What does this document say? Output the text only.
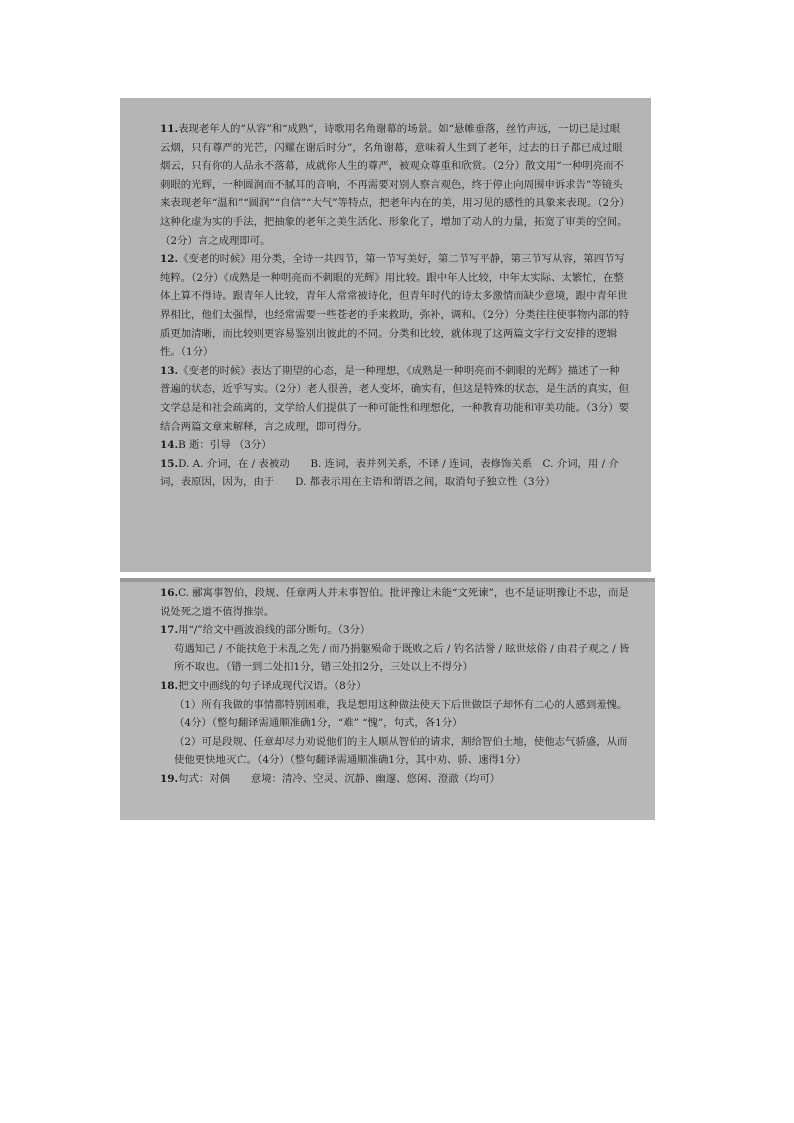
11.表现老年人的“从容”和“成熟”，诗歌用名角谢幕的场景。如“悬帷垂落，丝竹声远，一切已是过眼云烟，只有尊严的光芒，闪耀在谢后时分”，名角谢幕，意味着人生到了老年，过去的日子都已成过眼烟云，只有你的人品永不落幕，成就你人生的尊严，被观众尊重和欣赏。（2分）散文用“一种明亮而不刺眼的光辉，一种圆润而不腻耳的音响，不再需要对别人察言观色，终于停止向周围申诉求告”等镜头来表现老年“温和”“圆润”“自信”“大气”等特点，把老年内在的美，用习见的感性的具象来表现。（2分）这种化虚为实的手法，把抽象的老年之美生活化、形象化了，增加了动人的力量，拓宽了审美的空间。（2分）言之成理即可。

12.《变老的时候》用分类，全诗一共四节，第一节写美好，第二节写平静，第三节写从容，第四节写纯粹。（2分）《成熟是一种明亮而不刺眼的光辉》用比较。跟中年人比较，中年太实际、太繁忙，在整体上算不得诗。跟青年人比较，青年人常常被诗化，但青年时代的诗太多激情而缺少意境，跟中青年世界相比，他们太强悍，也经常需要一些苍老的手来救助，弥补，调和。（2分）分类往往使事物内部的特质更加清晰，而比较则更容易鉴别出彼此的不同。分类和比较，就体现了这两篇文字行文安排的逻辑性。（1分）

13.《变老的时候》表达了期望的心态，是一种理想，《成熟是一种明亮而不刺眼的光辉》描述了一种普遍的状态，近乎写实。（2分）老人很善，老人变坏，确实有，但这是特殊的状态，是生活的真实，但文学总是和社会疏离的，文学给人们提供了一种可能性和理想化，一种教育功能和审美功能。（3分）要结合两篇文章来解释，言之成理，即可得分。

14.B 逝：引导 （3分）

15.D. A. 介词，在 / 表被动　　B. 连词，表并列关系，不译 / 连词，表修饰关系　C. 介词，用 / 介词，表原因，因为，由于　　D. 都表示用在主语和谓语之间，取消句子独立性（3分）

16.C. 郦寓事智伯，段规、任章两人并未事智伯。批评豫让未能“文死谏”，也不是证明豫让不忠，而是说处死之道不值得推崇。

17.用“/”给文中画波浪线的部分断句。（3分）

苟遇知己 / 不能扶危于未乱之先 / 而乃捐躯殒命于既败之后 / 钓名沽誉 / 眩世炫俗 / 由君子观之 / 皆所不取也。（错一到二处扣1分，错三处扣2分，三处以上不得分）

18.把文中画线的句子译成现代汉语。（8分）

（1）所有我做的事情都特别困难，我是想用这种做法使天下后世做臣子却怀有二心的人感到羞愧。（4分）（整句翻译需通顺准确1分，“难” “愧”，句式，各1分）

（2）可是段规、任章却尽力劝说他们的主人顺从智伯的请求，割给智伯土地，使他志气骄盛，从而使他更快地灭亡。（4分）（整句翻译需通顺准确1分，其中劝、骄、速得1分）

19.句式：对偶　　意境：清冷、空灵、沉静、幽邃、悠闲、澄澈（均可）
